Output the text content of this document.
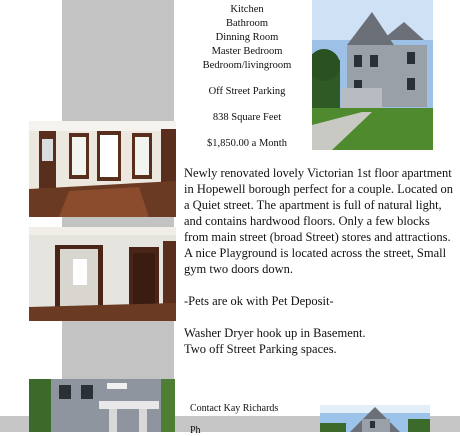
Kitchen
Bathroom
Dinning Room
Master Bedroom
Bedroom/livingroom
Off Street Parking
838 Square Feet
$1,850.00 a Month

Newly renovated lovely Victorian 1st floor apartment in Hopewell borough perfect for a couple. Located on a Quiet street. The apartment is full of natural light, and contains hardwood floors. Only a few blocks from main street (broad Street) stores and attractions. A nice Playground is located across the street, Small gym two doors down.

-Pets are ok with Pet Deposit-

Washer Dryer hook up in Basement.

Two off Street Parking spaces.

Contact Kay Richards
Ph
